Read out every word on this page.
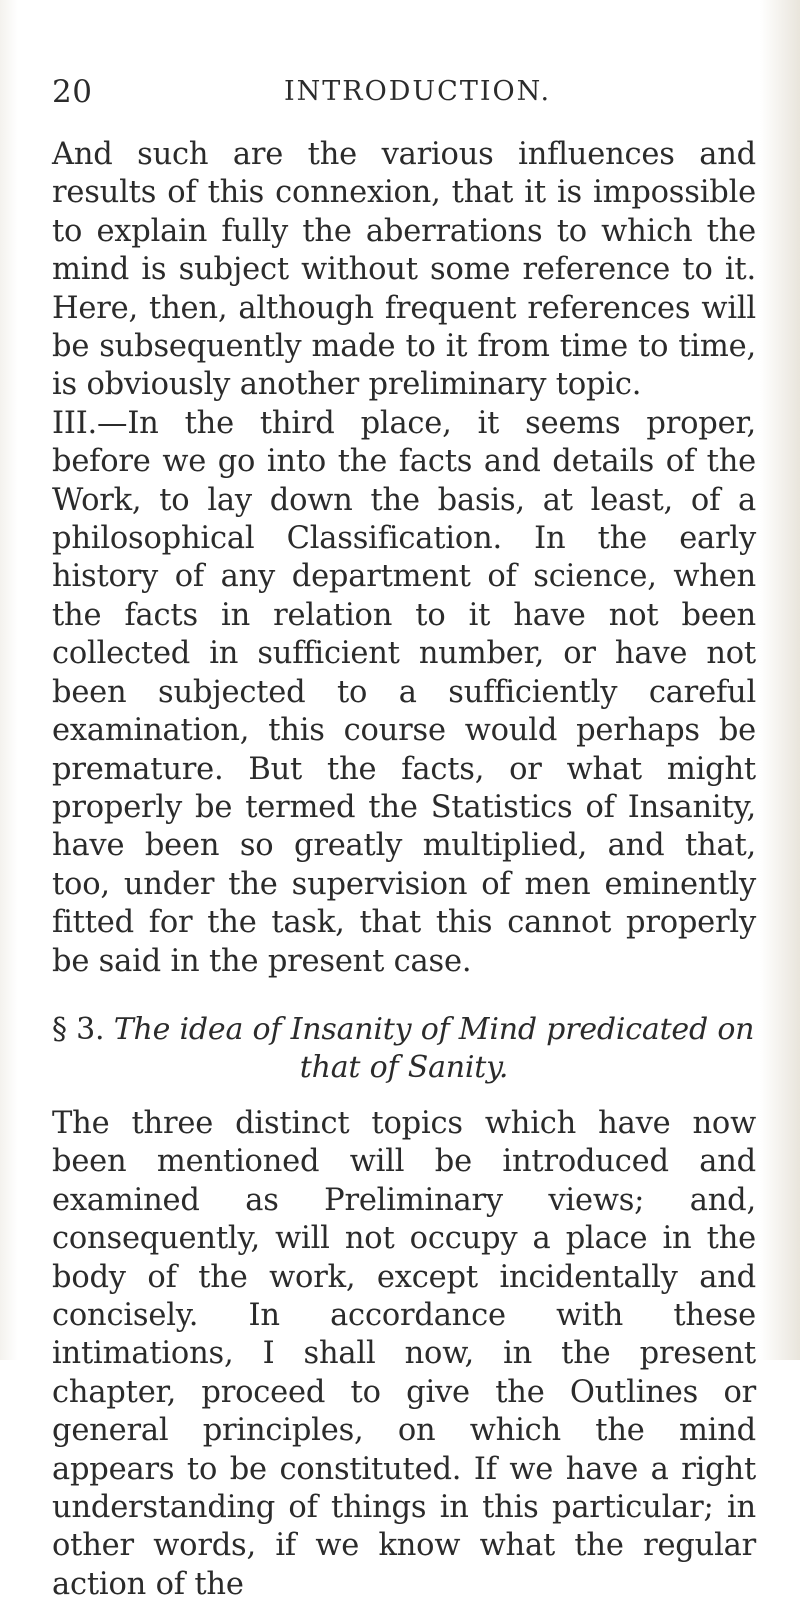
20	INTRODUCTION.

And such are the various influences and results of this connexion, that it is impossible to explain fully the aberrations to which the mind is subject without some reference to it. Here, then, although frequent references will be subsequently made to it from time to time, is obviously another preliminary topic.

III.—In the third place, it seems proper, before we go into the facts and details of the Work, to lay down the basis, at least, of a philosophical Classification. In the early history of any department of science, when the facts in relation to it have not been collected in sufficient number, or have not been subjected to a sufficiently careful examination, this course would perhaps be premature. But the facts, or what might properly be termed the Statistics of Insanity, have been so greatly multiplied, and that, too, under the supervision of men eminently fitted for the task, that this cannot properly be said in the present case.

§ 3. The idea of Insanity of Mind predicated on
that of Sanity.

The three distinct topics which have now been mentioned will be introduced and examined as Preliminary views; and, consequently, will not occupy a place in the body of the work, except incidentally and concisely. In accordance with these intimations, I shall now, in the present chapter, proceed to give the Outlines or general principles, on which the mind appears to be constituted. If we have a right understanding of things in this particular; in other words, if we know what the regular action of the
